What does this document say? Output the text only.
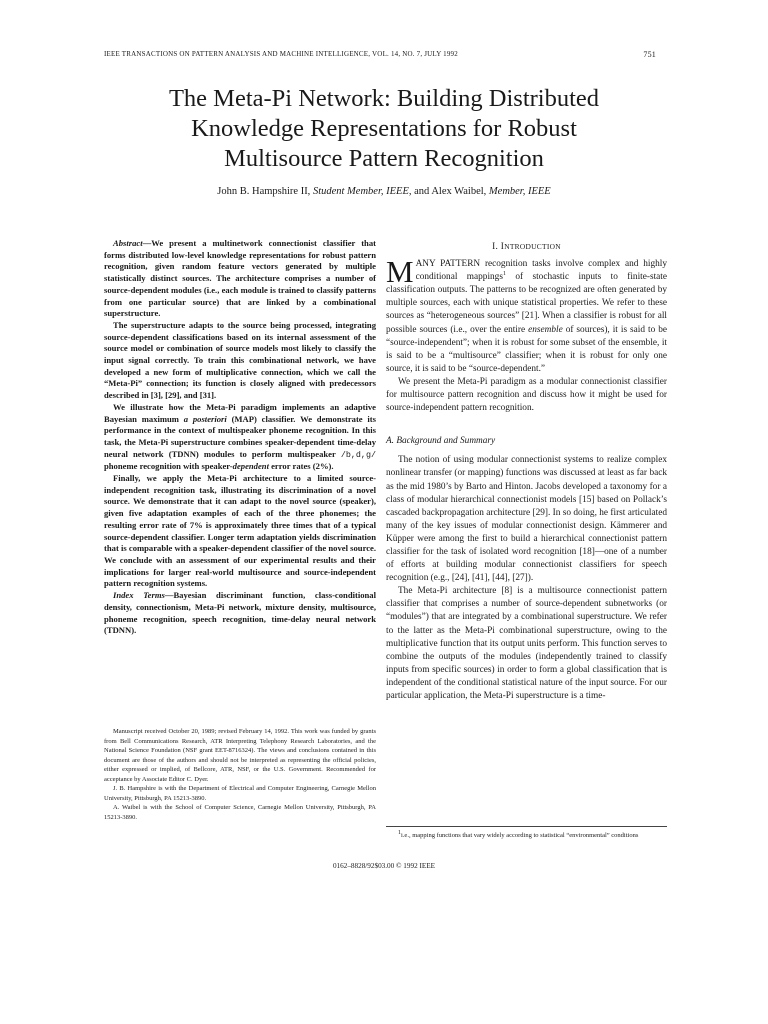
IEEE TRANSACTIONS ON PATTERN ANALYSIS AND MACHINE INTELLIGENCE, VOL. 14, NO. 7, JULY 1992	751
The Meta-Pi Network: Building Distributed
Knowledge Representations for Robust
Multisource Pattern Recognition
John B. Hampshire II, Student Member, IEEE, and Alex Waibel, Member, IEEE

Abstract—We present a multinetwork connectionist classifier that forms distributed low-level knowledge representations for robust pattern recognition, given random feature vectors generated by multiple statistically distinct sources. The architecture comprises a number of source-dependent modules (i.e., each module is trained to classify patterns from one particular source) that are linked by a combinational superstructure.

The superstructure adapts to the source being processed, integrating source-dependent classifications based on its internal assessment of the source model or combination of source models most likely to classify the input signal correctly. To train this combinational network, we have developed a new form of multiplicative connection, which we call the “Meta-Pi” connection; its function is closely aligned with predecessors described in [3], [29], and [31].

We illustrate how the Meta-Pi paradigm implements an adaptive Bayesian maximum a posteriori (MAP) classifier. We demonstrate its performance in the context of multispeaker phoneme recognition. In this task, the Meta-Pi superstructure combines speaker-dependent time-delay neural network (TDNN) modules to perform multispeaker /b,d,g/ phoneme recognition with speaker-dependent error rates (2%).

Finally, we apply the Meta-Pi architecture to a limited source-independent recognition task, illustrating its discrimination of a novel source. We demonstrate that it can adapt to the novel source (speaker), given five adaptation examples of each of the three phonemes; the resulting error rate of 7% is approximately three times that of a typical source-dependent classifier. Longer term adaptation yields discrimination that is comparable with a speaker-dependent classifier of the novel source. We conclude with an assessment of our experimental results and their implications for larger real-world multisource and source-independent pattern recognition systems.

Index Terms—Bayesian discriminant function, class-conditional density, connectionism, Meta-Pi network, mixture density, multisource, phoneme recognition, speech recognition, time-delay neural network (TDNN).

Manuscript received October 20, 1989; revised February 14, 1992. This work was funded by grants from Bell Communications Research, ATR Interpreting Telephony Research Laboratories, and the National Science Foundation (NSF grant EET-8716324). The views and conclusions contained in this document are those of the authors and should not be interpreted as representing the official policies, either expressed or implied, of Bellcore, ATR, NSF, or the U.S. Government. Recommended for acceptance by Associate Editor C. Dyer.

J. B. Hampshire is with the Department of Electrical and Computer Engineering, Carnegie Mellon University, Pittsburgh, PA 15213-3890.

A. Waibel is with the School of Computer Science, Carnegie Mellon University, Pittsburgh, PA 15213-3890.

I. INTRODUCTION

MANY PATTERN recognition tasks involve complex and highly conditional mappings$^1$ of stochastic inputs to finite-state classification outputs. The patterns to be recognized are often generated by multiple sources, each with unique statistical properties. We refer to these sources as “heterogeneous sources” [21]. When a classifier is robust for all possible sources (i.e., over the entire ensemble of sources), it is said to be “source-independent”; when it is robust for some subset of the ensemble, it is said to be a “multisource” classifier; when it is robust for only one source, it is said to be “source-dependent.”

We present the Meta-Pi paradigm as a modular connectionist classifier for multisource pattern recognition and discuss how it might be used for source-independent pattern recognition.

A. Background and Summary

The notion of using modular connectionist systems to realize complex nonlinear transfer (or mapping) functions was discussed at least as far back as the mid 1980’s by Barto and Hinton. Jacobs developed a taxonomy for a class of modular hierarchical connectionist models [15] based on Pollack’s cascaded backpropagation architecture [29]. In so doing, he first articulated many of the key issues of modular connectionist design. Kämmerer and Küpper were among the first to build a hierarchical connectionist pattern classifier for the task of isolated word recognition [18]—one of a number of efforts at building modular connectionist classifiers for speech recognition (e.g., [24], [41], [44], [27]).

The Meta-Pi architecture [8] is a multisource connectionist pattern classifier that comprises a number of source-dependent subnetworks (or “modules”) that are integrated by a combinational superstructure. We refer to the latter as the Meta-Pi combinational superstructure, owing to the multiplicative function that its output units perform. This function serves to combine the outputs of the modules (independently trained to classify inputs from specific sources) in order to form a global classification that is independent of the conditional statistical nature of the input source. For our particular application, the Meta-Pi superstructure is a time-

$^1$i.e., mapping functions that vary widely according to statistical “environmental” conditions

0162–8828/92$03.00 © 1992 IEEE
